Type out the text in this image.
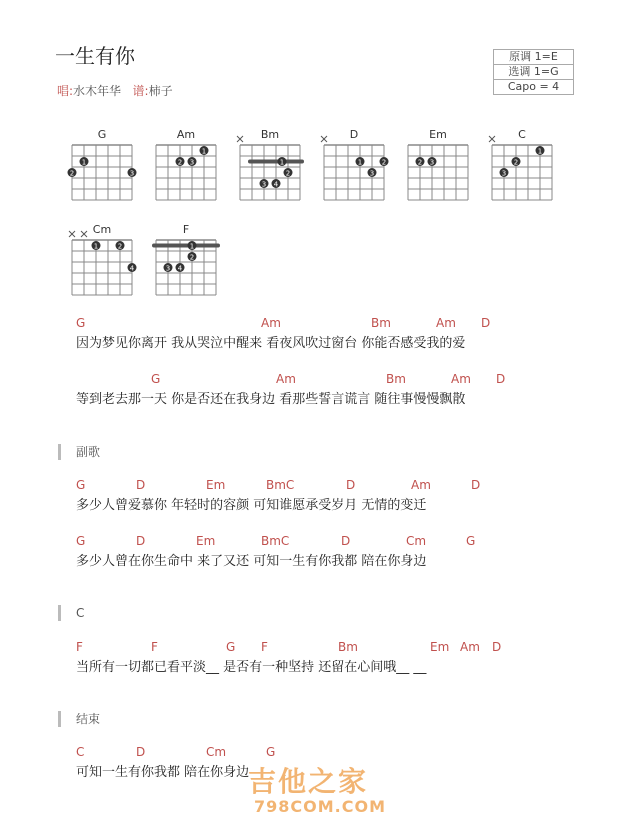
一生有你
唱:水木年华 谱:柿子
原调 1=E
选调 1=G
Capo = 4
G
1
2	3
Am
1
2 3
Bm
1
2
3 4
D
1	2
3
Em
2 3
C
1
2
3
Cm
1	2
4
F
1
2
3 4
副歌
C
结束
G	Am	Bm	Am D
因为梦见你离开 我从哭泣中醒来 看夜风吹过窗台 你能否感受我的爱
G	Am	Bm	Am D
等到老去那一天 你是否还在我身边 看那些誓言谎言 随往事慢慢飘散
G	D	Em	BmC	D	Am	D
多少人曾爱慕你 年轻时的容颜 可知谁愿承受岁月 无情的变迁
G	D	Em	BmC	D	Cm	G
多少人曾在你生命中 来了又还 可知一生有你我都 陪在你身边
F	F	G F	Bm	Em Am D
当所有一切都已看平淡__ 是否有一种坚持 还留在心间哦__ __
C	D	Cm	G
可知一生有你我都 陪在你身边
吉他之家
798COM.COM
